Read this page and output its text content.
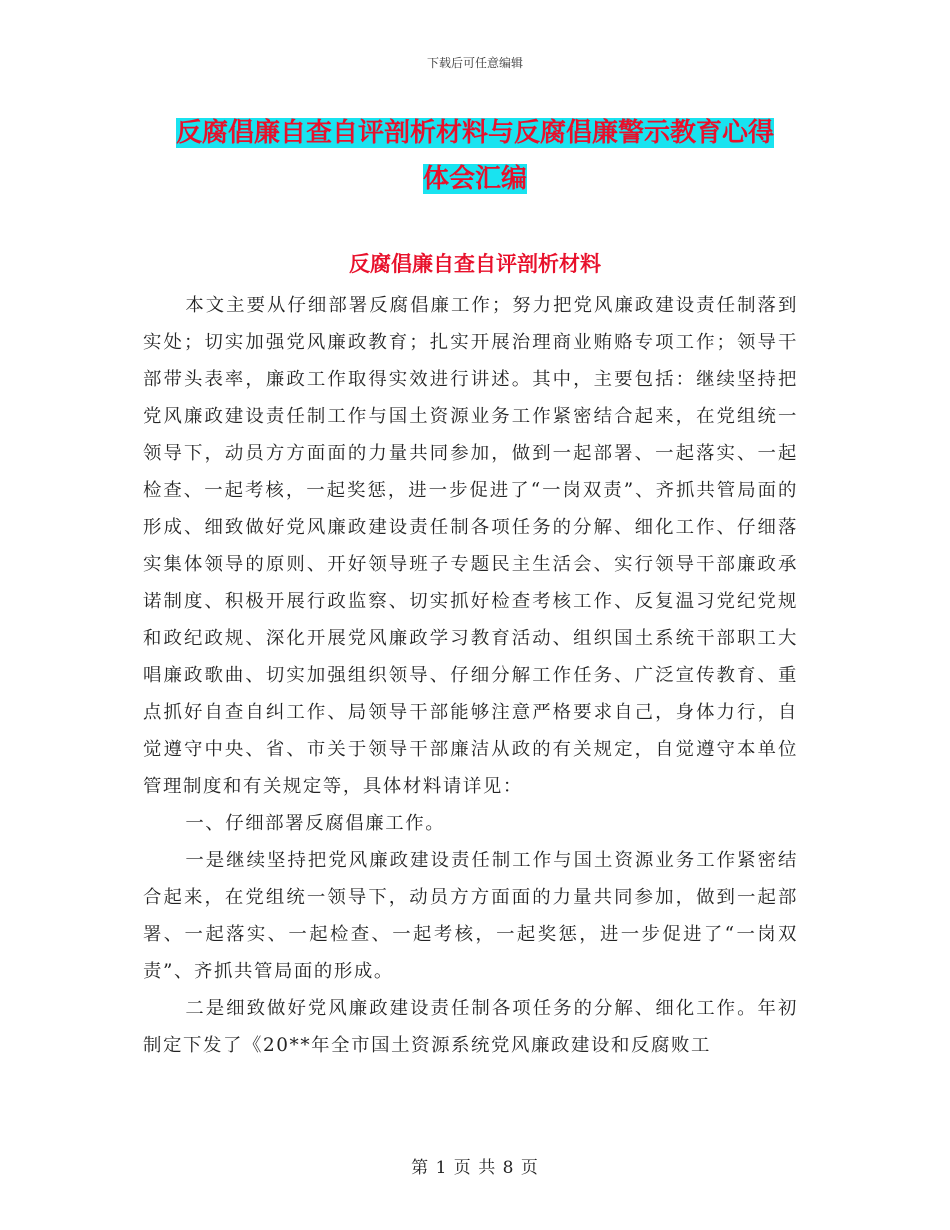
下载后可任意编辑
反腐倡廉自查自评剖析材料与反腐倡廉警示教育心得
体会汇编
反腐倡廉自查自评剖析材料

本文主要从仔细部署反腐倡廉工作；努力把党风廉政建设责任制落到实处；切实加强党风廉政教育；扎实开展治理商业贿赂专项工作；领导干部带头表率，廉政工作取得实效进行讲述。其中，主要包括：继续坚持把党风廉政建设责任制工作与国土资源业务工作紧密结合起来，在党组统一领导下，动员方方面面的力量共同参加，做到一起部署、一起落实、一起检查、一起考核，一起奖惩，进一步促进了“一岗双责”、齐抓共管局面的形成、细致做好党风廉政建设责任制各项任务的分解、细化工作、仔细落实集体领导的原则、开好领导班子专题民主生活会、实行领导干部廉政承诺制度、积极开展行政监察、切实抓好检查考核工作、反复温习党纪党规和政纪政规、深化开展党风廉政学习教育活动、组织国土系统干部职工大唱廉政歌曲、切实加强组织领导、仔细分解工作任务、广泛宣传教育、重点抓好自查自纠工作、局领导干部能够注意严格要求自己，身体力行，自觉遵守中央、省、市关于领导干部廉洁从政的有关规定，自觉遵守本单位管理制度和有关规定等，具体材料请详见：

一、仔细部署反腐倡廉工作。

一是继续坚持把党风廉政建设责任制工作与国土资源业务工作紧密结合起来，在党组统一领导下，动员方方面面的力量共同参加，做到一起部署、一起落实、一起检查、一起考核，一起奖惩，进一步促进了“一岗双责”、齐抓共管局面的形成。

二是细致做好党风廉政建设责任制各项任务的分解、细化工作。年初制定下发了《20**年全市国土资源系统党风廉政建设和反腐败工

第 1 页 共 8 页
